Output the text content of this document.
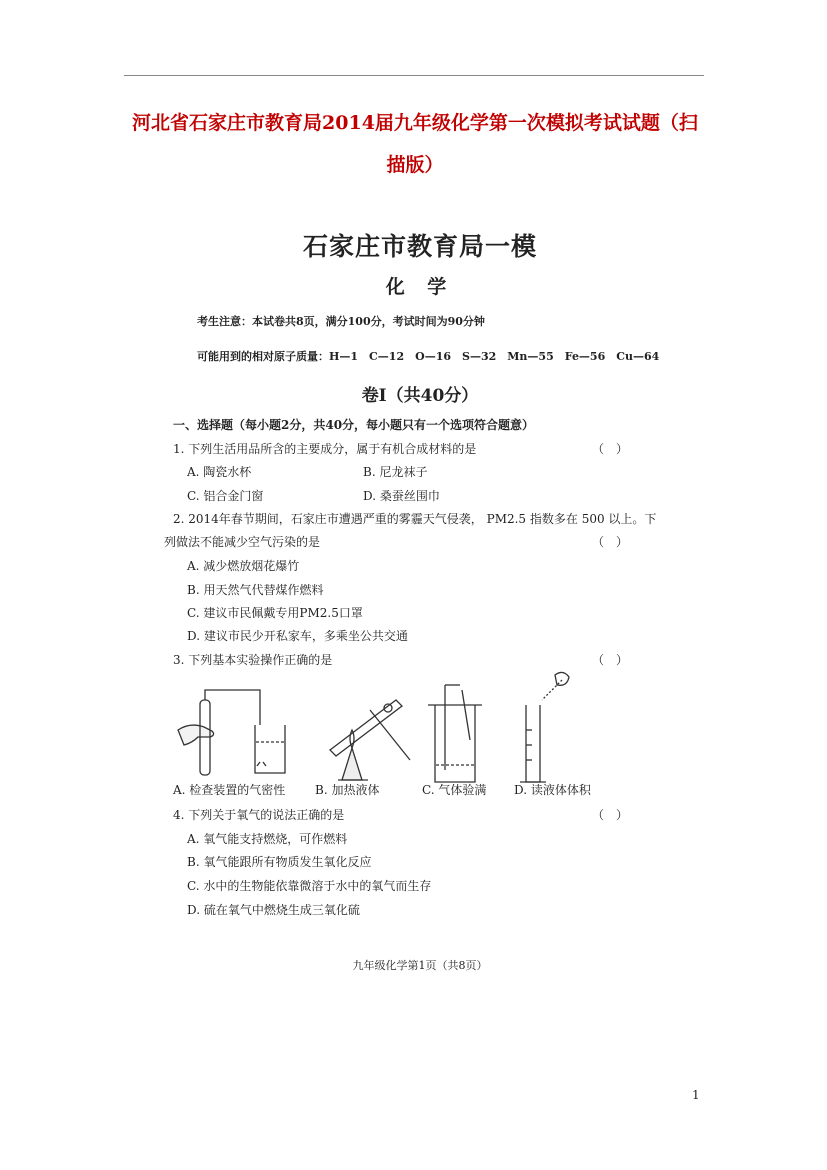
河北省石家庄市教育局2014届九年级化学第一次模拟考试试题（扫
描版）
石家庄市教育局一模
化 学
考生注意：本试卷共8页，满分100分，考试时间为90分钟
可能用到的相对原子质量：H—1　C—12　O—16　S—32　Mn—55　Fe—56　Cu—64
卷Ⅰ（共40分）
一、选择题（每小题2分，共40分，每小题只有一个选项符合题意）
1. 下列生活用品所含的主要成分，属于有机合成材料的是	（　）
A. 陶瓷水杯	B. 尼龙袜子
C. 铝合金门窗	D. 桑蚕丝围巾
2. 2014年春节期间，石家庄市遭遇严重的雾霾天气侵袭， PM2.5 指数多在 500 以上。下
列做法不能减少空气污染的是	（　）
A. 减少燃放烟花爆竹
B. 用天然气代替煤作燃料
C. 建议市民佩戴专用PM2.5口罩
D. 建议市民少开私家车，多乘坐公共交通
3. 下列基本实验操作正确的是	（　）
A. 检查装置的气密性 B. 加热液体	C. 气体验满 D. 读液体体积
4. 下列关于氧气的说法正确的是	（　）
A. 氧气能支持燃烧，可作燃料
B. 氧气能跟所有物质发生氧化反应
C. 水中的生物能依靠微溶于水中的氧气而生存
D. 硫在氧气中燃烧生成三氧化硫
九年级化学第1页（共8页）
1
